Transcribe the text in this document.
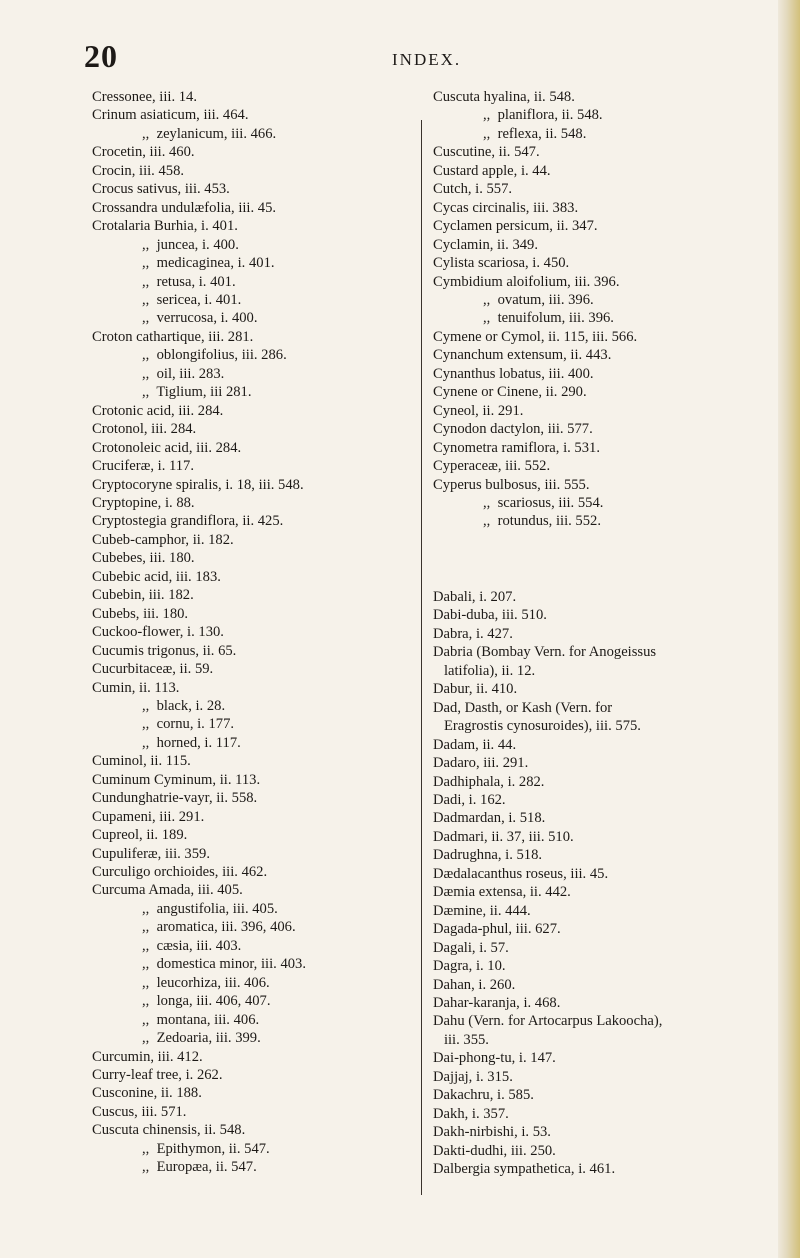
20	INDEX.
Cressonee, iii. 14.
Crinum asiaticum, iii. 464.
,,  zeylanicum, iii. 466.
Crocetin, iii. 460.
Crocin, iii. 458.
Crocus sativus, iii. 453.
Crossandra undulæfolia, iii. 45.
Crotalaria Burhia, i. 401.
,,  juncea, i. 400.
,,  medicaginea, i. 401.
,,  retusa, i. 401.
,,  sericea, i. 401.
,,  verrucosa, i. 400.
Croton cathartique, iii. 281.
,,  oblongifolius, iii. 286.
,,  oil, iii. 283.
,,  Tiglium, iii 281.
Crotonic acid, iii. 284.
Crotonol, iii. 284.
Crotonoleic acid, iii. 284.
Cruciferæ, i. 117.
Cryptocoryne spiralis, i. 18, iii. 548.
Cryptopine, i. 88.
Cryptostegia grandiflora, ii. 425.
Cubeb-camphor, ii. 182.
Cubebes, iii. 180.
Cubebic acid, iii. 183.
Cubebin, iii. 182.
Cubebs, iii. 180.
Cuckoo-flower, i. 130.
Cucumis trigonus, ii. 65.
Cucurbitaceæ, ii. 59.
Cumin, ii. 113.
,,  black, i. 28.
,,  cornu, i. 177.
,,  horned, i. 117.
Cuminol, ii. 115.
Cuminum Cyminum, ii. 113.
Cundunghatrie-vayr, ii. 558.
Cupameni, iii. 291.
Cupreol, ii. 189.
Cupuliferæ, iii. 359.
Curculigo orchioides, iii. 462.
Curcuma Amada, iii. 405.
,,  angustifolia, iii. 405.
,,  aromatica, iii. 396, 406.
,,  cæsia, iii. 403.
,,  domestica minor, iii. 403.
,,  leucorhiza, iii. 406.
,,  longa, iii. 406, 407.
,,  montana, iii. 406.
,,  Zedoaria, iii. 399.
Curcumin, iii. 412.
Curry-leaf tree, i. 262.
Cusconine, ii. 188.
Cuscus, iii. 571.
Cuscuta chinensis, ii. 548.
,,  Epithymon, ii. 547.
,,  Europæa, ii. 547.
Cuscuta hyalina, ii. 548.
,,  planiflora, ii. 548.
,,  reflexa, ii. 548.
Cuscutine, ii. 547.
Custard apple, i. 44.
Cutch, i. 557.
Cycas circinalis, iii. 383.
Cyclamen persicum, ii. 347.
Cyclamin, ii. 349.
Cylista scariosa, i. 450.
Cymbidium aloifolium, iii. 396.
,,  ovatum, iii. 396.
,,  tenuifolum, iii. 396.
Cymene or Cymol, ii. 115, iii. 566.
Cynanchum extensum, ii. 443.
Cynanthus lobatus, iii. 400.
Cynene or Cinene, ii. 290.
Cyneol, ii. 291.
Cynodon dactylon, iii. 577.
Cynometra ramiflora, i. 531.
Cyperaceæ, iii. 552.
Cyperus bulbosus, iii. 555.
,,  scariosus, iii. 554.
,,  rotundus, iii. 552.
Dabali, i. 207.
Dabi-duba, iii. 510.
Dabra, i. 427.
Dabria (Bombay Vern. for Anogeissus
latifolia), ii. 12.
Dabur, ii. 410.
Dad, Dasth, or Kash (Vern. for
Eragrostis cynosuroides), iii. 575.
Dadam, ii. 44.
Dadaro, iii. 291.
Dadhiphala, i. 282.
Dadi, i. 162.
Dadmardan, i. 518.
Dadmari, ii. 37, iii. 510.
Dadrughna, i. 518.
Dædalacanthus roseus, iii. 45.
Dæmia extensa, ii. 442.
Dæmine, ii. 444.
Dagada-phul, iii. 627.
Dagali, i. 57.
Dagra, i. 10.
Dahan, i. 260.
Dahar-karanja, i. 468.
Dahu (Vern. for Artocarpus Lakoocha),
iii. 355.
Dai-phong-tu, i. 147.
Dajjaj, i. 315.
Dakachru, i. 585.
Dakh, i. 357.
Dakh-nirbishi, i. 53.
Dakti-dudhi, iii. 250.
Dalbergia sympathetica, i. 461.
